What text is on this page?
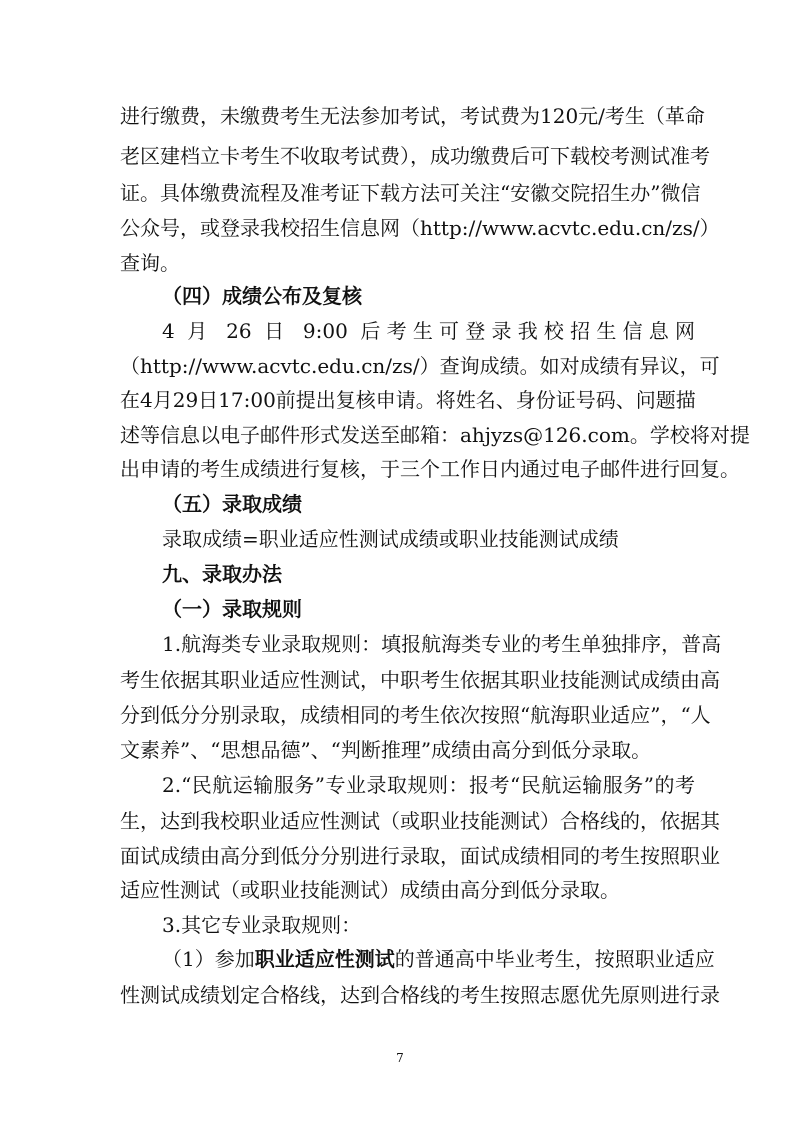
进行缴费，未缴费考生无法参加考试，考试费为120元/考生（革命
老区建档立卡考生不收取考试费），成功缴费后可下载校考测试准考
证。具体缴费流程及准考证下载方法可关注“安徽交院招生办”微信
公众号，或登录我校招生信息网（http://www.acvtc.edu.cn/zs/）
查询。
（四）成绩公布及复核
4 月 26 日 9:00 后考生可登录我校招生信息网
（http://www.acvtc.edu.cn/zs/）查询成绩。如对成绩有异议，可
在4月29日17:00前提出复核申请。将姓名、身份证号码、问题描
述等信息以电子邮件形式发送至邮箱：ahjyzs@126.com。学校将对提
出申请的考生成绩进行复核，于三个工作日内通过电子邮件进行回复。
（五）录取成绩
录取成绩=职业适应性测试成绩或职业技能测试成绩
九、录取办法
（一）录取规则
1.航海类专业录取规则：填报航海类专业的考生单独排序，普高
考生依据其职业适应性测试，中职考生依据其职业技能测试成绩由高
分到低分分别录取，成绩相同的考生依次按照“航海职业适应”，“人
文素养”、“思想品德”、“判断推理”成绩由高分到低分录取。
2.“民航运输服务”专业录取规则：报考“民航运输服务”的考
生，达到我校职业适应性测试（或职业技能测试）合格线的，依据其
面试成绩由高分到低分分别进行录取，面试成绩相同的考生按照职业
适应性测试（或职业技能测试）成绩由高分到低分录取。
3.其它专业录取规则：
（1）参加职业适应性测试的普通高中毕业考生，按照职业适应
性测试成绩划定合格线，达到合格线的考生按照志愿优先原则进行录
7
